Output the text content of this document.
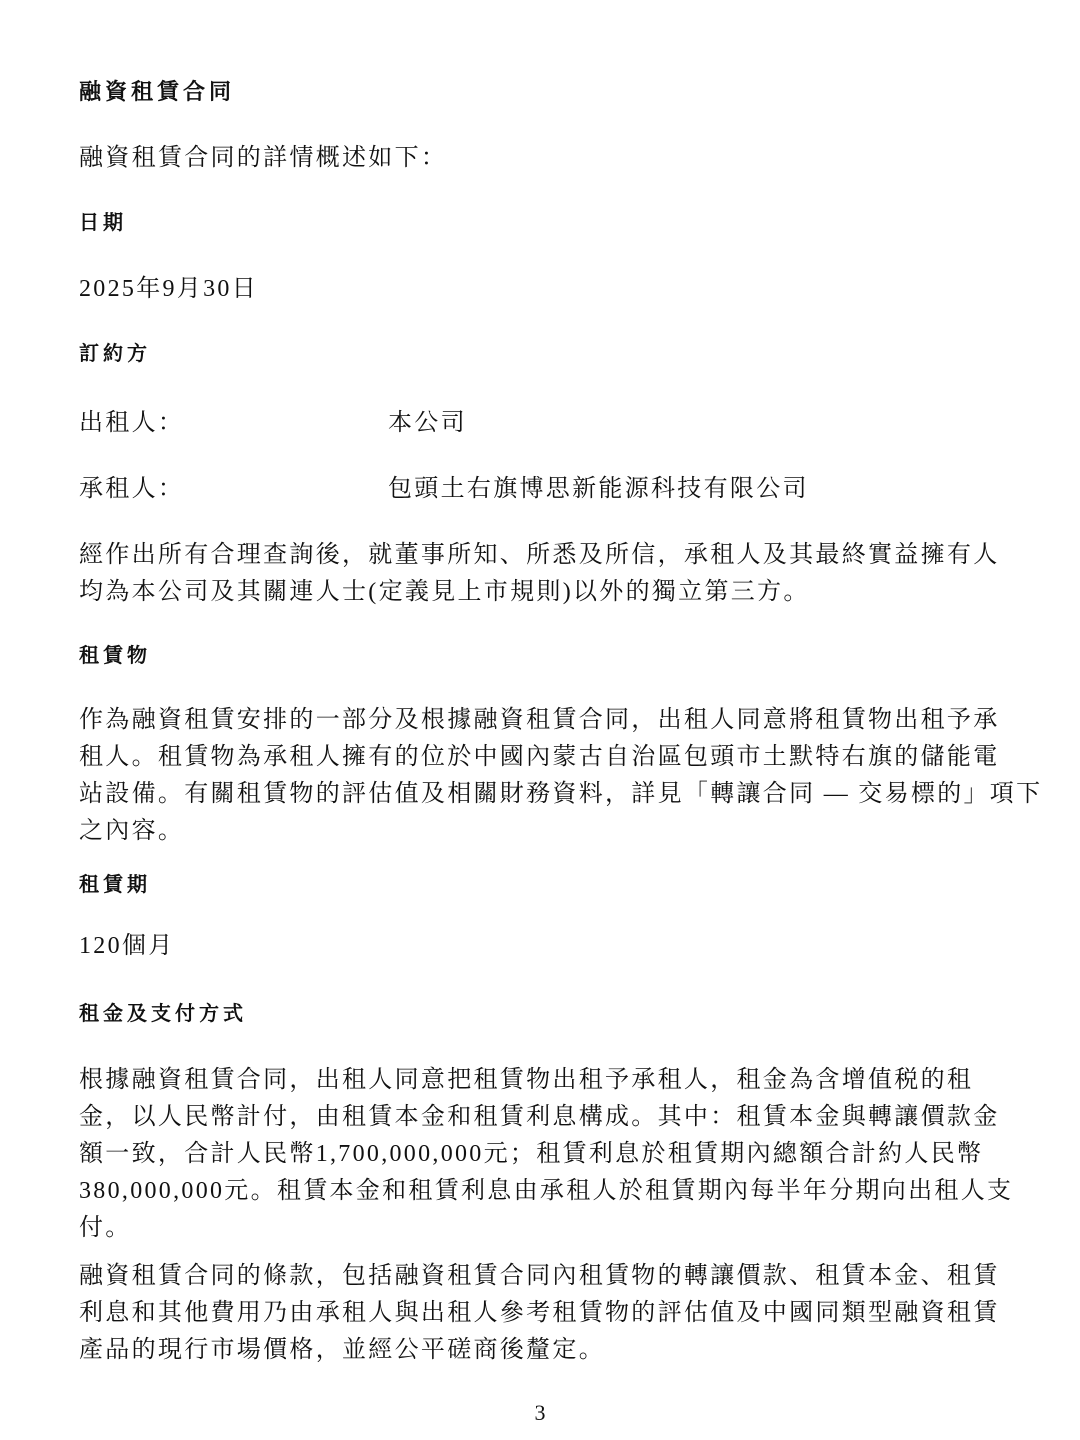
融資租賃合同
融資租賃合同的詳情概述如下：
日期
2025年9月30日
訂約方
出租人：	本公司
承租人：	包頭土右旗博思新能源科技有限公司
經作出所有合理查詢後，就董事所知、所悉及所信，承租人及其最終實益擁有人
均為本公司及其關連人士(定義見上市規則)以外的獨立第三方。
租賃物
作為融資租賃安排的一部分及根據融資租賃合同，出租人同意將租賃物出租予承
租人。租賃物為承租人擁有的位於中國內蒙古自治區包頭市土默特右旗的儲能電
站設備。有關租賃物的評估值及相關財務資料，詳見「轉讓合同 — 交易標的」項下
之內容。
租賃期
120個月
租金及支付方式
根據融資租賃合同，出租人同意把租賃物出租予承租人，租金為含增值税的租
金，以人民幣計付，由租賃本金和租賃利息構成。其中：租賃本金與轉讓價款金
額一致，合計人民幣1,700,000,000元；租賃利息於租賃期內總額合計約人民幣
380,000,000元。租賃本金和租賃利息由承租人於租賃期內每半年分期向出租人支
付。
融資租賃合同的條款，包括融資租賃合同內租賃物的轉讓價款、租賃本金、租賃
利息和其他費用乃由承租人與出租人參考租賃物的評估值及中國同類型融資租賃
產品的現行市場價格，並經公平磋商後釐定。
3
